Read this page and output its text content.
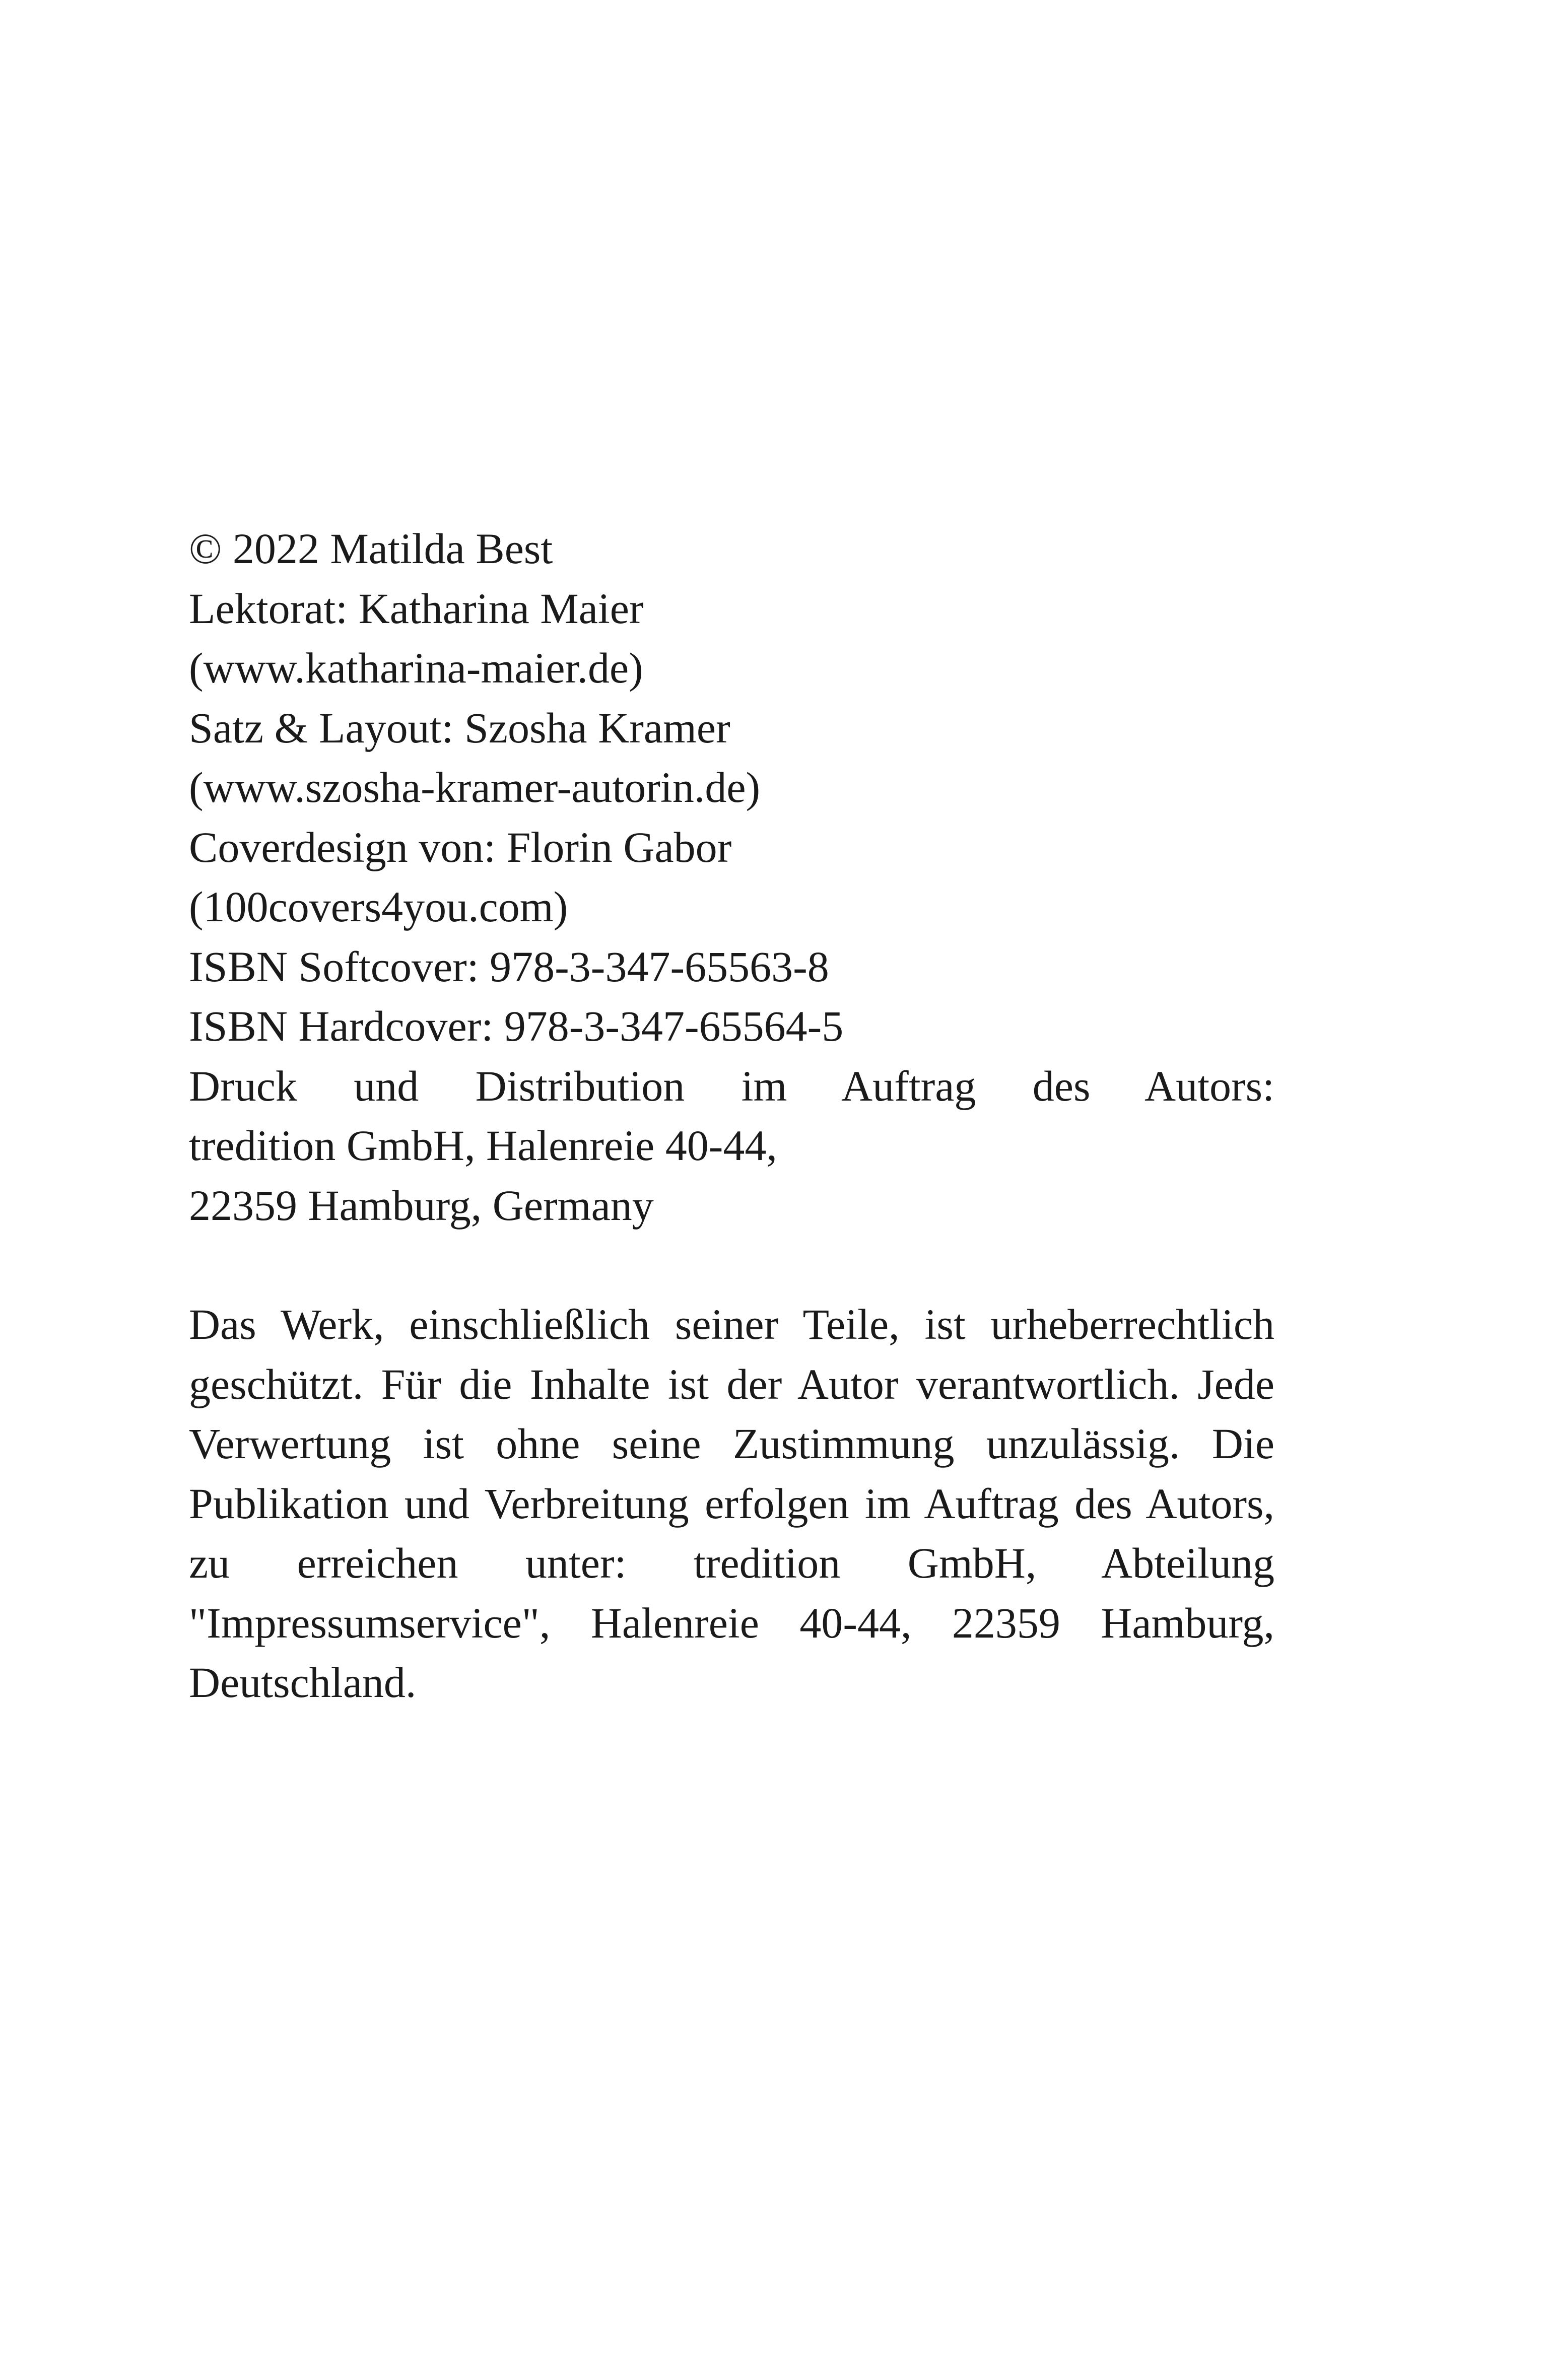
© 2022 Matilda Best
Lektorat: Katharina Maier
(www.katharina-maier.de)
Satz & Layout: Szosha Kramer
(www.szosha-kramer-autorin.de)
Coverdesign von: Florin Gabor
(100covers4you.com)
ISBN Softcover: 978-3-347-65563-8
ISBN Hardcover: 978-3-347-65564-5
Druck und Distribution im Auftrag des Autors:
tredition GmbH, Halenreie 40-44,
22359 Hamburg, Germany

Das Werk, einschließlich seiner Teile, ist urheberrechtlich geschützt. Für die Inhalte ist der Autor verantwortlich. Jede Verwertung ist ohne seine Zustimmung unzulässig. Die Publikation und Verbreitung erfolgen im Auftrag des Autors, zu erreichen unter: tredition GmbH, Abteilung "Impressumservice", Halenreie 40-44, 22359 Hamburg, Deutschland.
